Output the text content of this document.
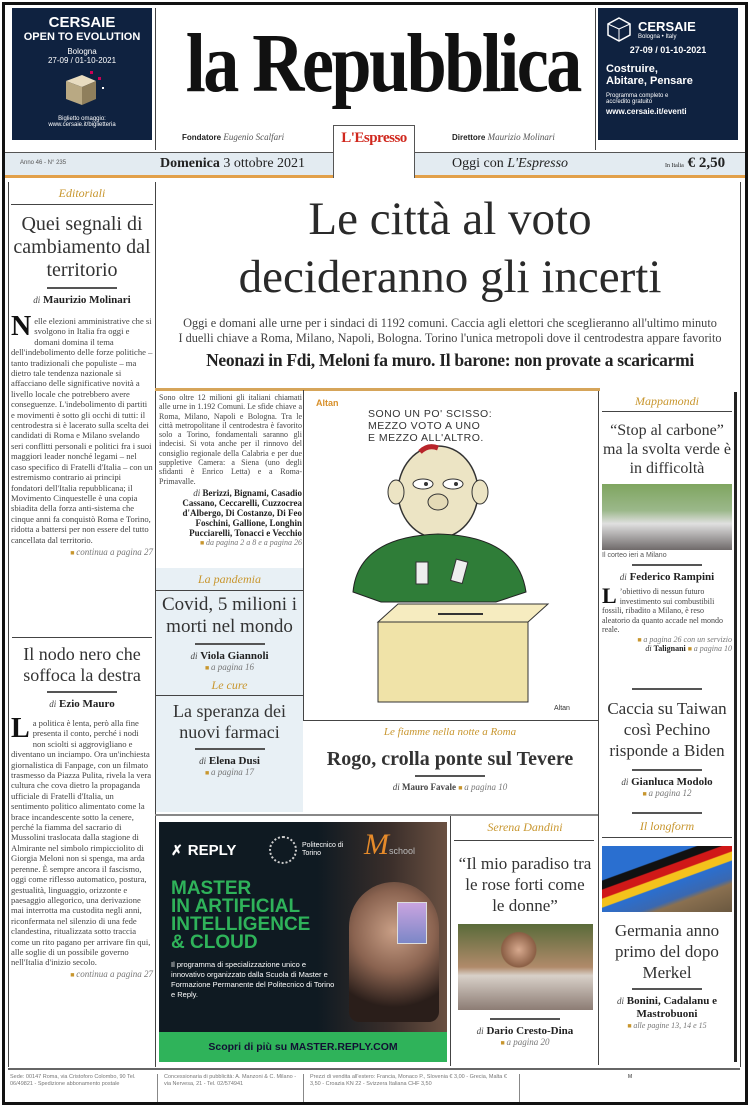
CERSAIE
OPEN TO EVOLUTION
Bologna
27-09 / 01-10-2021
Biglietto omaggio:
www.cersaie.it/biglietteria
CERSAIE
Bologna • Italy
27-09 / 01-10-2021
Costruire,
Abitare, Pensare
Programma completo e accredito gratuito
www.cersaie.it/eventi
la Repubblica
Fondatore Eugenio Scalfari	L'Espresso	Direttore Maurizio Molinari
Anno 46 - N° 235	Domenica 3 ottobre 2021	Oggi con L'Espresso	In Italia € 2,50
Editoriali
Quei segnali di cambiamento dal territorio
di Maurizio Molinari
Nelle elezioni amministrative che si svolgono in Italia fra oggi e domani domina il tema dell'indebolimento delle forze politiche – tanto tradizionali che populiste – ma dietro tale tendenza nazionale si affacciano delle significative novità a livello locale che potrebbero avere conseguenze. L'indebolimento di partiti e movimenti è sotto gli occhi di tutti: il centrodestra si è lacerato sulla scelta dei candidati di Roma e Milano svelando seri conflitti personali e politici fra i suoi maggiori leader nonché legami – nel caso specifico di Fratelli d'Italia – con un estremismo contrario ai principi fondatori dell'Italia repubblicana; il Movimento Cinquestelle è una copia sbiadita della forza anti-sistema che cinque anni fa conquistò Roma e Torino, ridotta a battersi per non essere del tutto cancellata dal territorio.
■ continua a pagina 27
Il nodo nero che soffoca la destra
di Ezio Mauro
La politica è lenta, però alla fine presenta il conto, perché i nodi non sciolti si aggrovigliano e diventano un inciampo. Ora un'inchiesta giornalistica di Fanpage, con un filmato trasmesso da Piazza Pulita, rivela la vera cultura che cova dietro la propaganda ufficiale di Fratelli d'Italia, un sentimento politico alimentato come la brace incandescente sotto la cenere, perché la fiamma del sacrario di Mussolini traslocata dalla stagione di Almirante nel simbolo rimpicciolito di Giorgia Meloni non si spenga, ma arda perenne. È sempre ancora il fascismo, oggi come riflesso automatico, postura, gestualità, linguaggio, orizzonte e paesaggio allegorico, una derivazione mai interrotta ma custodita negli anni, riconfermata nel silenzio di una fede clandestina, ritualizzata sotto traccia come un rito pagano per arrivare fin qui, alle soglie di un possibile governo nell'Italia d'inizio secolo.
■ continua a pagina 27
Le città al voto
decideranno gli incerti
Oggi e domani alle urne per i sindaci di 1192 comuni. Caccia agli elettori che sceglieranno all'ultimo minuto
I duelli chiave a Roma, Milano, Napoli, Bologna. Torino l'unica metropoli dove il centrodestra appare favorito
Neonazi in Fdi, Meloni fa muro. Il barone: non provate a scaricarmi
Sono oltre 12 milioni gli italiani chiamati alle urne in 1.192 Comuni. Le sfide chiave a Roma, Milano, Napoli e Bologna. Tra le città metropolitane il centrodestra è favorito solo a Torino, fondamentali saranno gli indecisi. Si vota anche per il rinnovo del consiglio regionale della Calabria e per due suppletive Camera: a Siena (uno degli sfidanti è Enrico Letta) e a Roma-Primavalle.
di Berizzi, Bignami, Casadio Cassano, Ceccarelli, Cuzzocrea d'Albergo, Di Costanzo, Di Feo Foschini, Gallione, Longhin Pucciarelli, Tonacci e Vecchio
■ da pagina 2 a 8 e a pagina 26
La pandemia
Covid, 5 milioni i morti nel mondo
di Viola Giannoli
■ a pagina 16
Le cure
La speranza dei nuovi farmaci
di Elena Dusi
■ a pagina 17
Altan
Altan
SONO UN PO' SCISSO:
MEZZO VOTO A UNO
E MEZZO ALL'ALTRO.
Le fiamme nella notte a Roma
Rogo, crolla ponte sul Tevere
di Mauro Favale ■ a pagina 10
✗ REPLY	Politecnico di Torino	Mschool
MASTER
IN ARTIFICIAL
INTELLIGENCE
& CLOUD
Il programma di specializzazione unico e innovativo organizzato dalla Scuola di Master e Formazione Permanente del Politecnico di Torino e Reply.
Scopri di più su MASTER.REPLY.COM
Serena Dandini
“Il mio paradiso tra le rose forti come le donne”
di Dario Cresto-Dina
■ a pagina 20
Mappamondi
“Stop al carbone” ma la svolta verde è in difficoltà
Il corteo ieri a Milano
di Federico Rampini
L ’obiettivo di nessun futuro investimento sui combustibili fossili, ribadito a Milano, è reso aleatorio da quanto accade nel mondo reale.
■ a pagina 26 con un servizio
di Talignani ■ a pagina 10
Caccia su Taiwan così Pechino risponde a Biden
di Gianluca Modolo
■ a pagina 12
Il longform
Germania anno primo del dopo Merkel
di Bonini, Cadalanu e Mastrobuoni
■ alle pagine 13, 14 e 15
Sede: 00147 Roma, via Cristoforo Colombo, 90 Tel. 06/49821 - Spedizione abbonamento postale
Concessionaria di pubblicità: A. Manzoni & C. Milano - via Nervesa, 21 - Tel. 02/574941
Prezzi di vendita all'estero: Francia, Monaco P., Slovenia € 3,00 - Grecia, Malta € 3,50 - Croazia KN 22 - Svizzera Italiana CHF 3,50
M
